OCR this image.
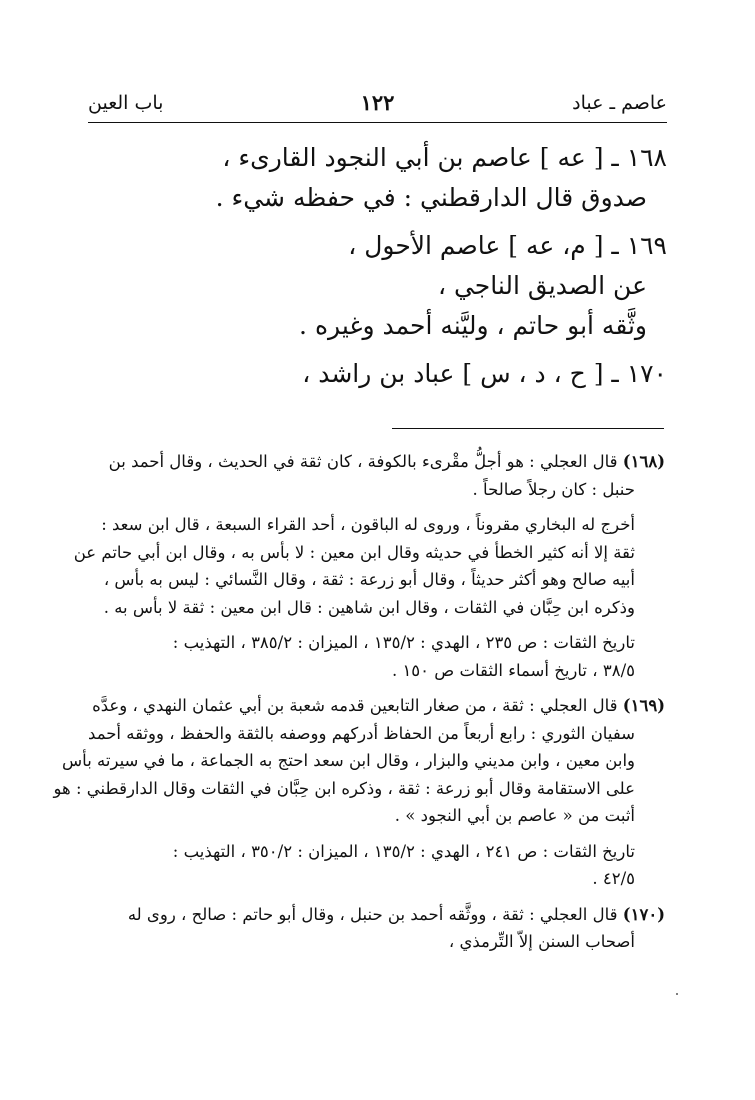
عاصم ـ عباد
١٢٢
باب العين
١٦٨ ـ [ عه ] عاصم بن أبي النجود القارىء ،
صدوق قال الدارقطني : في حفظه شيء .
١٦٩ ـ [ م، عه ] عاصم الأحول ،
عن الصديق الناجي ،
وثَّقه أبو حاتم ، وليَّنه أحمد وغيره .
١٧٠ ـ [ ح ، د ، س ] عباد بن راشد ،
(١٦٨) قال العجلي : هو أجلُّ مقْرىء بالكوفة ، كان ثقة في الحديث ، وقال أحمد بن
حنبل : كان رجلاً صالحاً .
أخرج له البخاري مقروناً ، وروى له الباقون ، أحد القراء السبعة ، قال ابن سعد :
ثقة إلا أنه كثير الخطأ في حديثه وقال ابن معين : لا بأس به ، وقال ابن أبي حاتم عن
أبيه صالح وهو أكثر حديثاً ، وقال أبو زرعة : ثقة ، وقال النَّسائي : ليس به بأس ،
وذكره ابن حِبَّان في الثقات ، وقال ابن شاهين : قال ابن معين : ثقة لا بأس به .
تاريخ الثقات : ص ٢٣٥ ، الهدي : ١٣٥/٢ ، الميزان : ٣٨٥/٢ ، التهذيب :
٣٨/٥ ، تاريخ أسماء الثقات ص ١٥٠ .
(١٦٩) قال العجلي : ثقة ، من صغار التابعين قدمه شعبة بن أبي عثمان النهدي ، وعدَّه
سفيان الثوري : رابع أربعاً من الحفاظ أدركهم ووصفه بالثقة والحفظ ، ووثقه أحمد
وابن معين ، وابن مديني والبزار ، وقال ابن سعد احتج به الجماعة ، ما في سيرته بأس
على الاستقامة وقال أبو زرعة : ثقة ، وذكره ابن حِبَّان في الثقات وقال الدارقطني : هو
أثبت من « عاصم بن أبي النجود » .
تاريخ الثقات : ص ٢٤١ ، الهدي : ١٣٥/٢ ، الميزان : ٣٥٠/٢ ، التهذيب :
٤٢/٥ .
(١٧٠) قال العجلي : ثقة ، ووثَّقه أحمد بن حنبل ، وقال أبو حاتم : صالح ، روى له
أصحاب السنن إلاّ التِّرمذي ،
